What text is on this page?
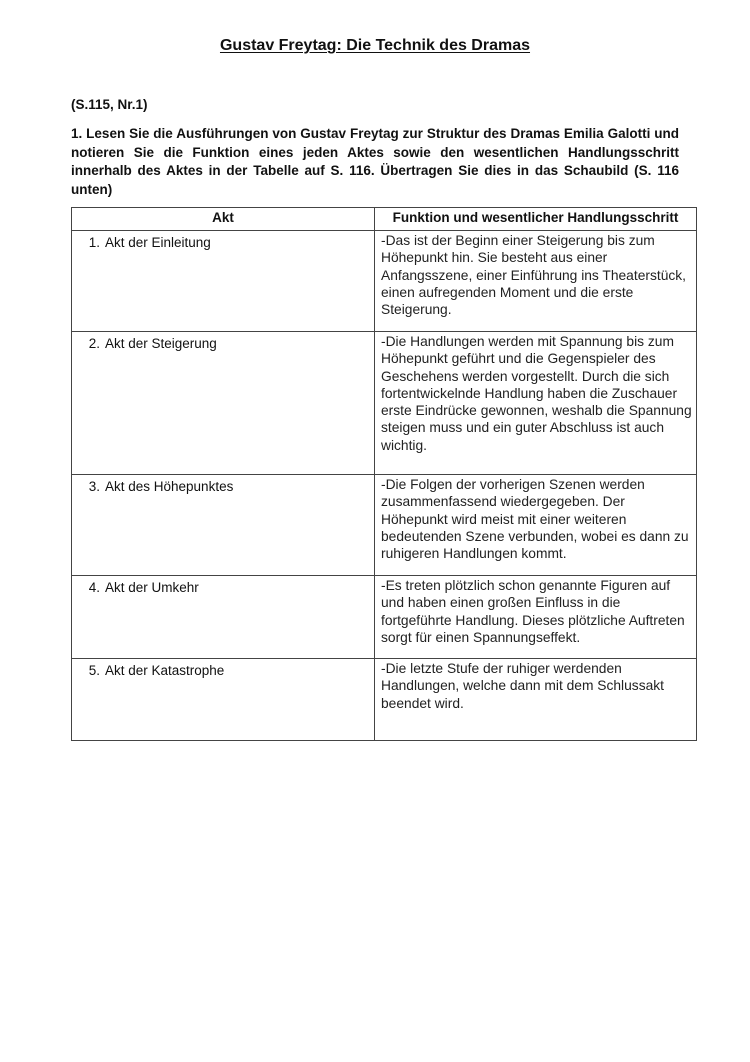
Gustav Freytag: Die Technik des Dramas
(S.115, Nr.1)
1. Lesen Sie die Ausführungen von Gustav Freytag zur Struktur des Dramas Emilia Galotti und notieren Sie die Funktion eines jeden Aktes sowie den wesentlichen Handlungsschritt innerhalb des Aktes in der Tabelle auf S. 116. Übertragen Sie dies in das Schaubild (S. 116 unten)
Akt	Funktion und wesentlicher Handlungsschritt
1. Akt der Einleitung	-Das ist der Beginn einer Steigerung bis zum Höhepunkt hin. Sie besteht aus einer Anfangsszene, einer Einführung ins Theaterstück, einen aufregenden Moment und die erste Steigerung.
2. Akt der Steigerung	-Die Handlungen werden mit Spannung bis zum Höhepunkt geführt und die Gegenspieler des Geschehens werden vorgestellt. Durch die sich fortentwickelnde Handlung haben die Zuschauer erste Eindrücke gewonnen, weshalb die Spannung steigen muss und ein guter Abschluss ist auch wichtig.
3. Akt des Höhepunktes	-Die Folgen der vorherigen Szenen werden zusammenfassend wiedergegeben. Der Höhepunkt wird meist mit einer weiteren bedeutenden Szene verbunden, wobei es dann zu ruhigeren Handlungen kommt.
4. Akt der Umkehr	-Es treten plötzlich schon genannte Figuren auf und haben einen großen Einfluss in die fortgeführte Handlung. Dieses plötzliche Auftreten sorgt für einen Spannungseffekt.
5. Akt der Katastrophe	-Die letzte Stufe der ruhiger werdenden Handlungen, welche dann mit dem Schlussakt beendet wird.
